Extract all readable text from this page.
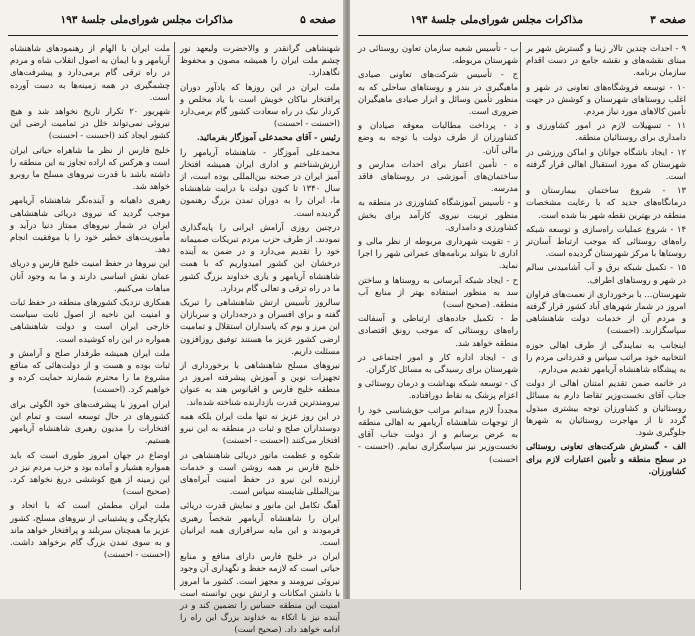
صفحه ۵
مذاکرات مجلس شورای‌ملی
جلسهٔ ۱۹۳

شهنشاهی گرانقدر و والاحضرت ولیعهد نور چشم ملت ایران را همیشه مصون و محفوظ نگاهدارد.

ملت ایران در این روزها که یادآور دوران پرافتخار نیاکان خویش است با یاد مخلص و کردار نیک در راه سعادت کشور گام برمی‌دارد (احسنت - احسنت)

رئیس - آقای محمدعلی آموزگار بفرمائید.

محمدعلی آموزگار - شاهنشاه آریامهر را ارزش‌شناختم و اداری ایران همیشه افتخار آمیز ایران در صحنه بین‌المللی بوده است، از سال ۱۳۴۰ تا کنون دولت با درایت شاهنشاه ما، ایران را به دوران تمدن بزرگ رهنمون گردیده است.

درچنین روزی آرامش ایرانی را پایه‌گذاری نمودند. از طرف حزب مردم تبریکات صمیمانه خود را تقدیم می‌دارد و در ضمن به آینده درخشان این کشور امیدواریم که با همت شاهنشاه آریامهر و یاری خداوند بزرگ کشور ما در راه ترقی و تعالی گام بردارد.

سالروز تأسیس ارتش شاهنشاهی را تبریک گفته و برای افسران و درجه‌داران و سربازان این مرز و بوم که پاسداران استقلال و تمامیت ارضی کشور عزیز ما هستند توفیق روزافزون مسئلت داریم.

نیروهای مسلح شاهنشاهی با برخورداری از تجهیزات نوین و آموزش پیشرفته امروز در منطقه خلیج فارس و اقیانوس هند به عنوان نیرومندترین قدرت بازدارنده شناخته شده‌اند.

در این روز عزیز نه تنها ملت ایران بلکه همه دوستداران صلح و ثبات در منطقه به این نیرو افتخار می‌کنند (احسنت - احسنت)

شکوه و عظمت مانور دریائی شاهنشاهی در خلیج فارس بر همه روشن است و خدمات ارزنده این نیرو در حفظ امنیت آبراه‌های بین‌المللی شایسته سپاس است.

آهنگ تکامل این مانور و نمایش قدرت دریائی ایران را شاهنشاه آریامهر شخصاً رهبری فرمودند و این مایه سرافرازی همه ایرانیان است.

ایران در خلیج فارس دارای منافع و منابع حیاتی است که لازمه حفظ و نگهداری آن وجود نیروئی نیرومند و مجهز است. کشور ما امروز با داشتن امکانات و ارتش نوین توانسته است امنیت این منطقه حساس را تضمین کند و در آینده نیز با اتکاء به خداوند بزرگ این راه را ادامه خواهد داد. (صحیح است)

ملت ایران با الهام از رهنمودهای شاهنشاه آریامهر و با ایمان به اصول انقلاب شاه و مردم در راه ترقی گام برمی‌دارد و پیشرفت‌های چشمگیری در همه زمینه‌ها به دست آورده است.

شهریور ۲۰ تکرار تاریخ نخواهد شد و هیچ نیروئی نمی‌تواند خلل در تمامیت ارضی این کشور ایجاد کند (احسنت - احسنت)

خلیج فارس از نظر ما شاهراه حیاتی ایران است و هرکس که اراده تجاوز به این منطقه را داشته باشد با قدرت نیروهای مسلح ما روبرو خواهد شد.

رهبری داهیانه و آینده‌نگر شاهنشاه آریامهر موجب گردید که نیروی دریائی شاهنشاهی ایران در شمار نیروهای ممتاز دنیا درآید و مأموریت‌های خطیر خود را با موفقیت انجام دهد.

این نیروها در حفظ امنیت خلیج فارس و دریای عمان نقش اساسی دارند و ما به وجود آنان مباهات می‌کنیم.

همکاری نزدیک کشورهای منطقه در حفظ ثبات و امنیت این ناحیه از اصول ثابت سیاست خارجی ایران است و دولت شاهنشاهی همواره در این راه کوشیده است.

ملت ایران همیشه طرفدار صلح و آرامش و ثبات بوده و هست و از دولت‌هائی که منافع مشروع ما را محترم شمارند حمایت کرده و خواهیم کرد. (احسنت)

ایران امروز با پیشرفت‌های خود الگوئی برای کشورهای در حال توسعه است و تمام این افتخارات را مدیون رهبری شاهنشاه آریامهر هستیم.

اوضاع در جهان امروز طوری است که باید همواره هشیار و آماده بود و حزب مردم نیز در این زمینه از هیچ کوششی دریغ نخواهد کرد. (صحیح است)

ملت ایران مطمئن است که با اتحاد و یکپارچگی و پشتیبانی از نیروهای مسلح، کشور عزیز ما همچنان سربلند و پرافتخار خواهد ماند و به سوی تمدن بزرگ گام برخواهد داشت. (احسنت - احسنت)

صفحه ۳
مذاکرات مجلس شورای‌ملی
جلسهٔ ۱۹۳

۹ - احداث چندین تالار زیبا و گسترش شهر بر مبنای نقشه‌های و نقشه جامع در دست اقدام سازمان برنامه.

۱۰ - توسعه فروشگاه‌های تعاونی در شهر و اغلب روستاهای شهرستان و کوشش در جهت تأمین کالاهای مورد نیاز مردم.

۱۱ - تسهیلات لازم در امور کشاورزی و دامداری برای روستائیان منطقه.

۱۲ - ایجاد باشگاه جوانان و اماکن ورزشی در شهرستان که مورد استقبال اهالی قرار گرفته است.

۱۳ - شروع ساختمان بیمارستان و درمانگاه‌های جدید که با رعایت مشخصات منطقه در بهترین نقطه شهر بنا شده است.

۱۴ - شروع عملیات راه‌سازی و توسعه شبکه راه‌های روستائی که موجب ارتباط آسان‌تر روستاها با مرکز شهرستان گردیده است.

۱۵ - تکمیل شبکه برق و آب آشامیدنی سالم در شهر و روستاهای اطراف.

شهرستان... با برخورداری از نعمت‌های فراوان امروز در شمار شهرهای آباد کشور قرار گرفته و مردم آن از خدمات دولت شاهنشاهی سپاسگزارند. (احسنت)

اینجانب به نمایندگی از طرف اهالی حوزه انتخابیه خود مراتب سپاس و قدردانی مردم را به پیشگاه شاهنشاه آریامهر تقدیم می‌دارم.

در خاتمه ضمن تقدیم امتنان اهالی از دولت جناب آقای نخست‌وزیر تقاضا دارم به مسائل روستائیان و کشاورزان توجه بیشتری مبذول گردد تا از مهاجرت روستائیان به شهرها جلوگیری شود.

الف - گسترش شرکت‌های تعاونی روستائی در سطح منطقه و تأمین اعتبارات لازم برای کشاورزان.

ب - تأسیس شعبه سازمان تعاون روستائی در شهرستان مربوطه.

ج - تأسیس شرکت‌های تعاونی صیادی ماهیگیری در بندر و روستاهای ساحلی که به منظور تأمین وسائل و ابزار صیادی ماهیگیران ضروری است.

د - پرداخت مطالبات معوقه صیادان و کشاورزان از طرف دولت با توجه به وضع مالی آنان.

ه - تأمین اعتبار برای احداث مدارس و ساختمان‌های آموزشی در روستاهای فاقد مدرسه.

و - تأسیس آموزشگاه کشاورزی در منطقه به منظور تربیت نیروی کارآمد برای بخش کشاورزی و دامداری.

ز - تقویت شهرداری مربوطه از نظر مالی و اداری تا بتواند برنامه‌های عمرانی شهر را اجرا نماید.

ح - ایجاد شبکه آبرسانی به روستاها و ساختن سد به منظور استفاده بهتر از منابع آب منطقه. (صحیح است)

ط - تکمیل جاده‌های ارتباطی و آسفالت راه‌های روستائی که موجب رونق اقتصادی منطقه خواهد شد.

ی - ایجاد اداره کار و امور اجتماعی در شهرستان برای رسیدگی به مسائل کارگران.

ک - توسعه شبکه بهداشت و درمان روستائی و اعزام پزشک به نقاط دورافتاده.

مجدداً لازم میدانم مراتب حق‌شناسی خود را از توجهات شاهنشاه آریامهر به اهالی منطقه به عرض برسانم و از دولت جناب آقای نخست‌وزیر نیز سپاسگزاری نمایم. (احسنت - احسنت)
